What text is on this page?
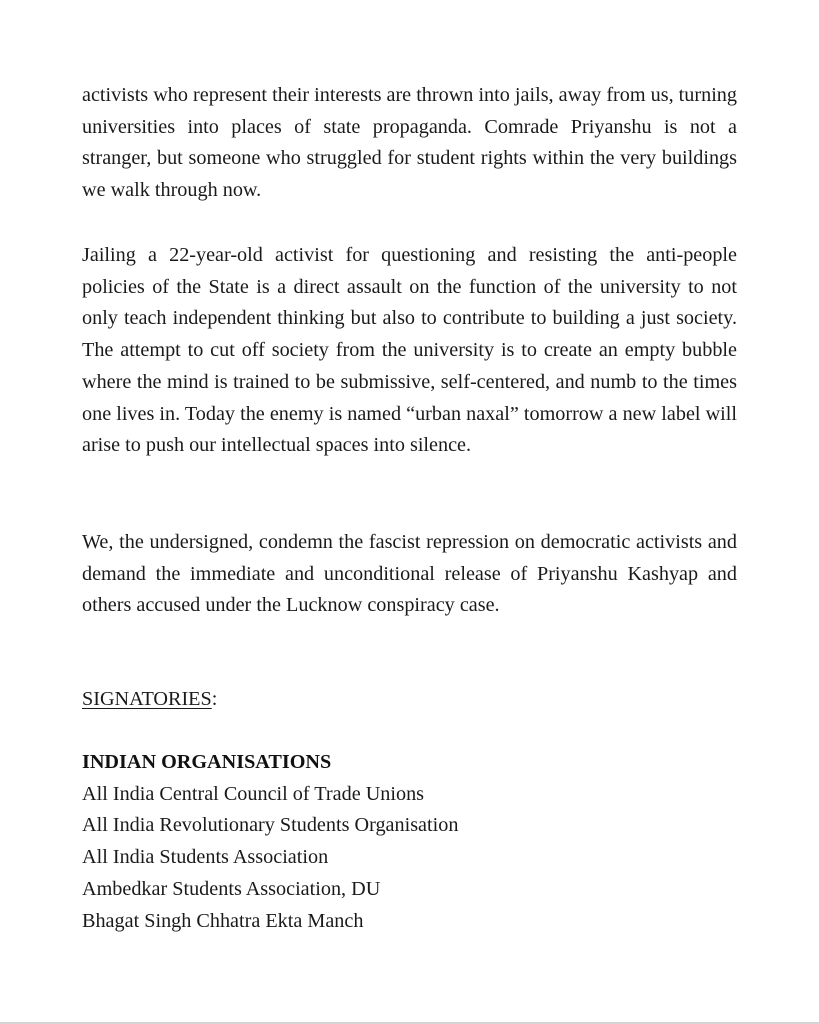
activists who represent their interests are thrown into jails, away from us, turning universities into places of state propaganda. Comrade Priyanshu is not a stranger, but someone who struggled for student rights within the very buildings we walk through now.

Jailing a 22-year-old activist for questioning and resisting the anti-people policies of the State is a direct assault on the function of the university to not only teach independent thinking but also to contribute to building a just society. The attempt to cut off society from the university is to create an empty bubble where the mind is trained to be submissive, self-centered, and numb to the times one lives in. Today the enemy is named “urban naxal” tomorrow a new label will arise to push our intellectual spaces into silence.

We, the undersigned, condemn the fascist repression on democratic activists and demand the immediate and unconditional release of Priyanshu Kashyap and others accused under the Lucknow conspiracy case.

SIGNATORIES:
INDIAN ORGANISATIONS
All India Central Council of Trade Unions
All India Revolutionary Students Organisation
All India Students Association
Ambedkar Students Association, DU
Bhagat Singh Chhatra Ekta Manch
